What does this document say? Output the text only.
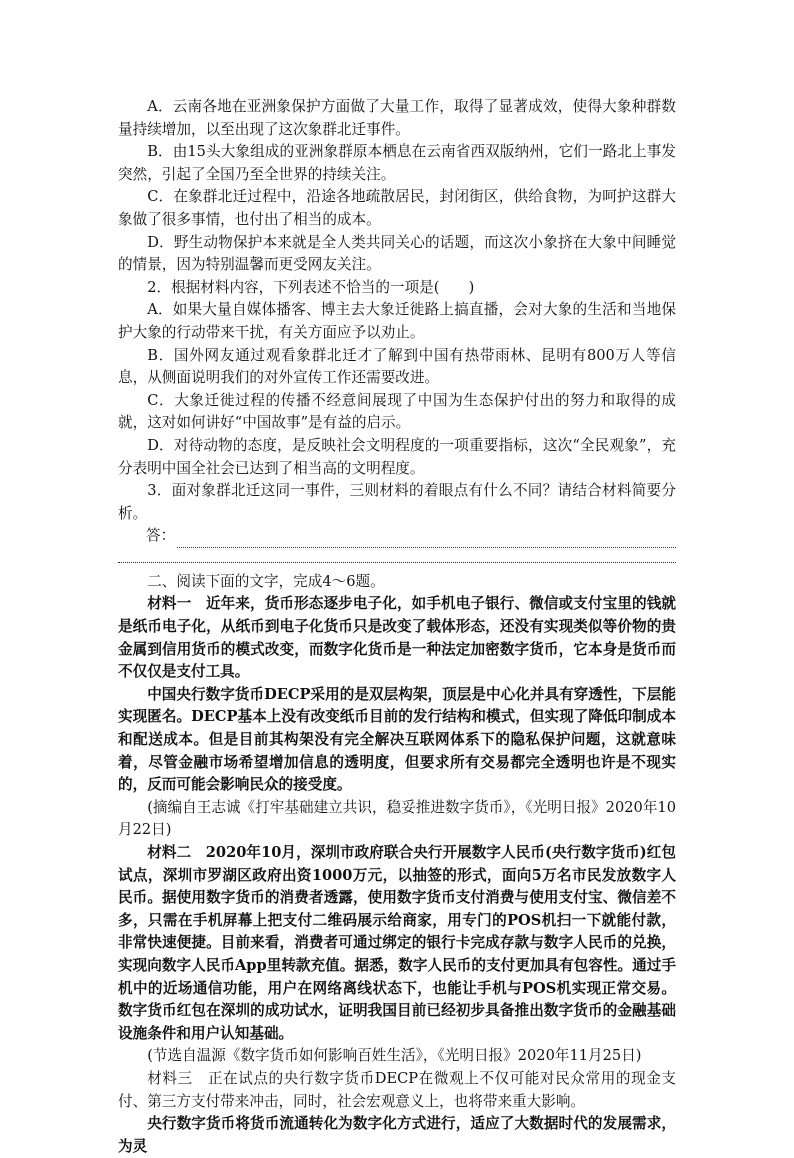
A．云南各地在亚洲象保护方面做了大量工作，取得了显著成效，使得大象种群数量持续增加，以至出现了这次象群北迁事件。

B．由15头大象组成的亚洲象群原本栖息在云南省西双版纳州，它们一路北上事发突然，引起了全国乃至全世界的持续关注。

C．在象群北迁过程中，沿途各地疏散居民，封闭街区，供给食物，为呵护这群大象做了很多事情，也付出了相当的成本。

D．野生动物保护本来就是全人类共同关心的话题，而这次小象挤在大象中间睡觉的情景，因为特别温馨而更受网友关注。

2．根据材料内容，下列表述不恰当的一项是(　　)

A．如果大量自媒体播客、博主去大象迁徙路上搞直播，会对大象的生活和当地保护大象的行动带来干扰，有关方面应予以劝止。

B．国外网友通过观看象群北迁才了解到中国有热带雨林、昆明有800万人等信息，从侧面说明我们的对外宣传工作还需要改进。

C．大象迁徙过程的传播不经意间展现了中国为生态保护付出的努力和取得的成就，这对如何讲好“中国故事”是有益的启示。

D．对待动物的态度，是反映社会文明程度的一项重要指标，这次“全民观象”，充分表明中国全社会已达到了相当高的文明程度。

3．面对象群北迁这同一事件，三则材料的着眼点有什么不同？请结合材料简要分析。

答：

二、阅读下面的文字，完成4～6题。

材料一　近年来，货币形态逐步电子化，如手机电子银行、微信或支付宝里的钱就是纸币电子化，从纸币到电子化货币只是改变了载体形态，还没有实现类似等价物的贵金属到信用货币的模式改变，而数字化货币是一种法定加密数字货币，它本身是货币而不仅仅是支付工具。

中国央行数字货币DECP采用的是双层构架，顶层是中心化并具有穿透性，下层能实现匿名。DECP基本上没有改变纸币目前的发行结构和模式，但实现了降低印制成本和配送成本。但是目前其构架没有完全解决互联网体系下的隐私保护问题，这就意味着，尽管金融市场希望增加信息的透明度，但要求所有交易都完全透明也许是不现实的，反而可能会影响民众的接受度。

(摘编自王志诚《打牢基础建立共识，稳妥推进数字货币》，《光明日报》2020年10月22日)

材料二　2020年10月，深圳市政府联合央行开展数字人民币(央行数字货币)红包试点，深圳市罗湖区政府出资1000万元，以抽签的形式，面向5万名市民发放数字人民币。据使用数字货币的消费者透露，使用数字货币支付消费与使用支付宝、微信差不多，只需在手机屏幕上把支付二维码展示给商家，用专门的POS机扫一下就能付款，非常快速便捷。目前来看，消费者可通过绑定的银行卡完成存款与数字人民币的兑换，实现向数字人民币App里转款充值。据悉，数字人民币的支付更加具有包容性。通过手机中的近场通信功能，用户在网络离线状态下，也能让手机与POS机实现正常交易。数字货币红包在深圳的成功试水，证明我国目前已经初步具备推出数字货币的金融基础设施条件和用户认知基础。

(节选自温源《数字货币如何影响百姓生活》，《光明日报》2020年11月25日)

材料三　正在试点的央行数字货币DECP在微观上不仅可能对民众常用的现金支付、第三方支付带来冲击，同时，社会宏观意义上，也将带来重大影响。

央行数字货币将货币流通转化为数字化方式进行，适应了大数据时代的发展需求，为灵
